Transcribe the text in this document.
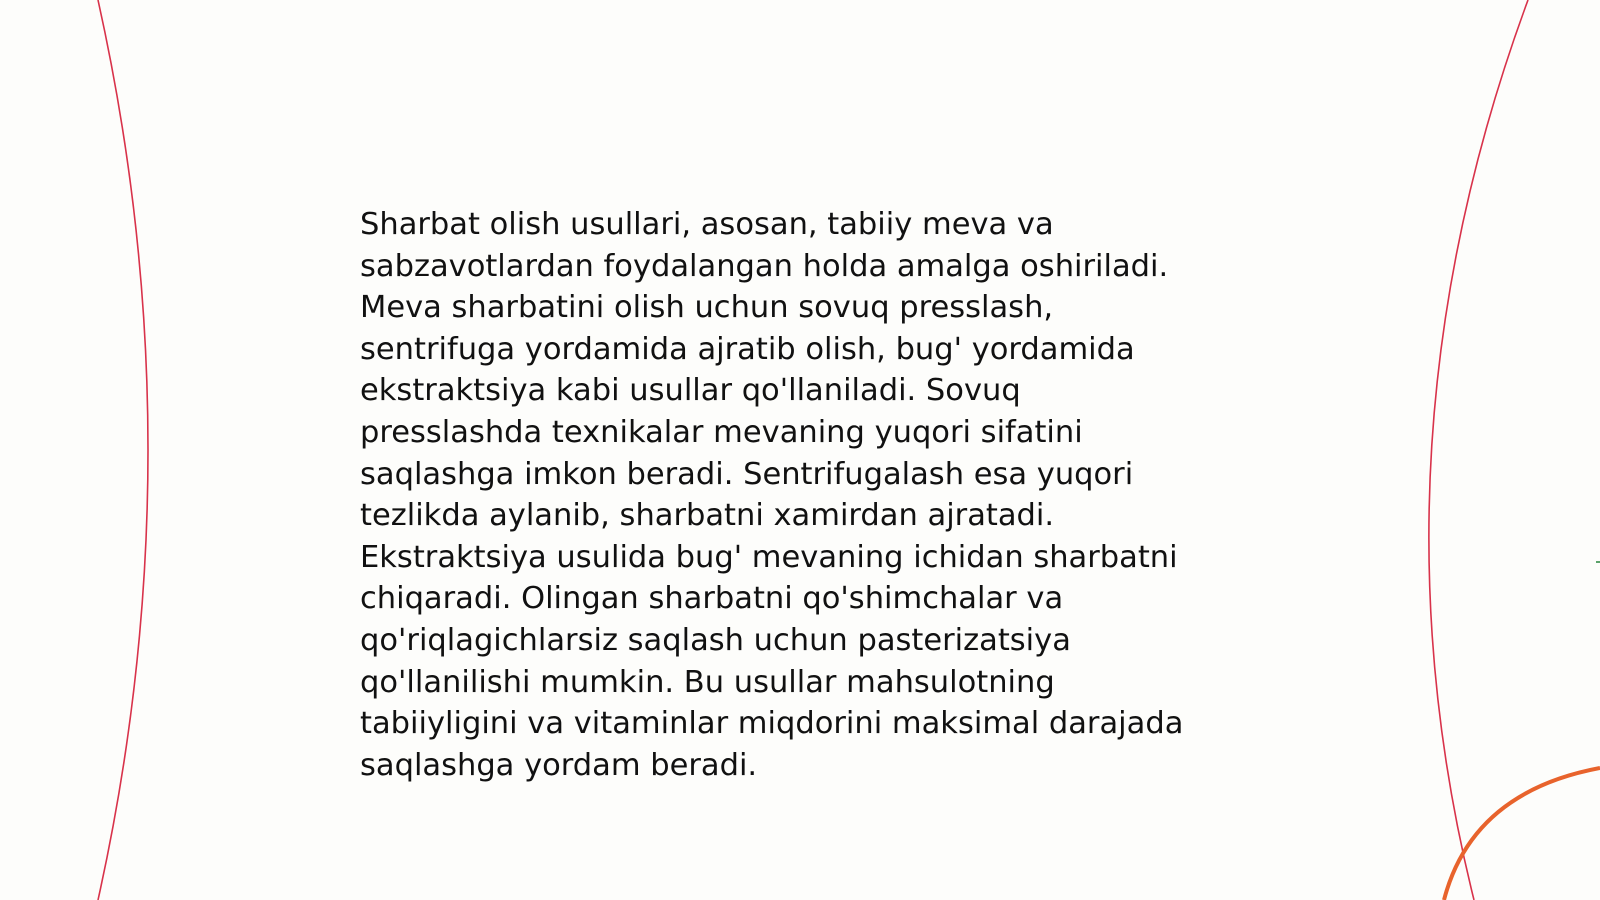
Sharbat olish usullari, asosan, tabiiy meva va
sabzavotlardan foydalangan holda amalga oshiriladi.
Meva sharbatini olish uchun sovuq presslash,
sentrifuga yordamida ajratib olish, bug' yordamida
ekstraktsiya kabi usullar qo'llaniladi. Sovuq
presslashda texnikalar mevaning yuqori sifatini
saqlashga imkon beradi. Sentrifugalash esa yuqori
tezlikda aylanib, sharbatni xamirdan ajratadi.
Ekstraktsiya usulida bug' mevaning ichidan sharbatni
chiqaradi. Olingan sharbatni qo'shimchalar va
qo'riqlagichlarsiz saqlash uchun pasterizatsiya
qo'llanilishi mumkin. Bu usullar mahsulotning
tabiiyligini va vitaminlar miqdorini maksimal darajada
saqlashga yordam beradi.
